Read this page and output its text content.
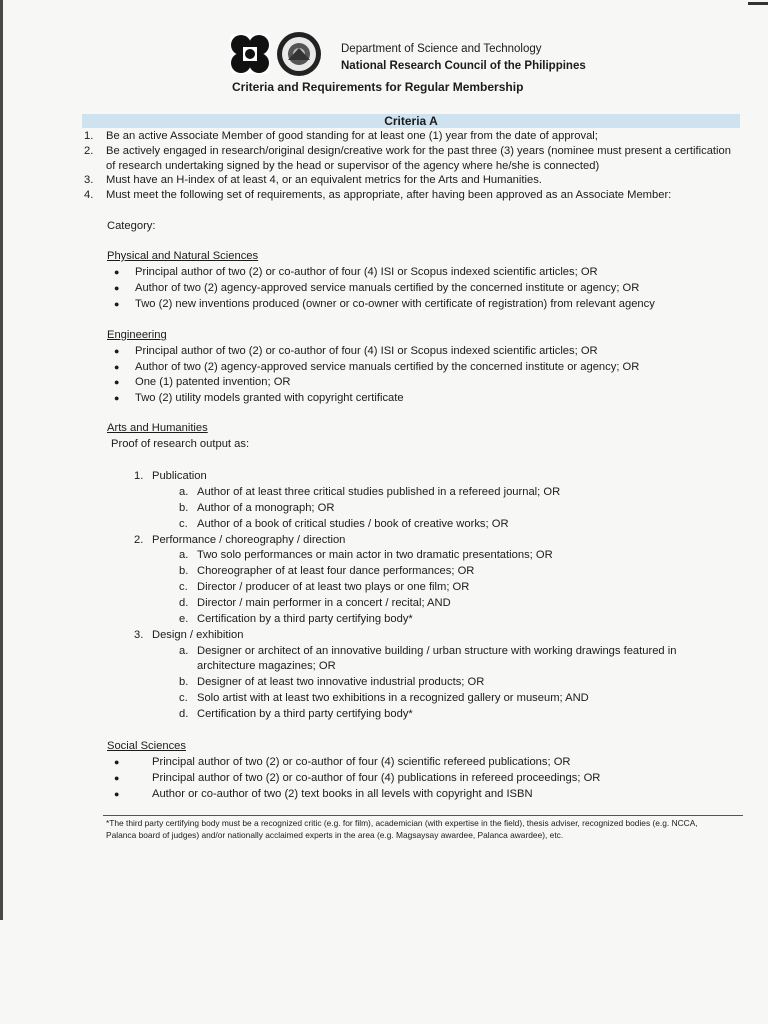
Department of Science and Technology
National Research Council of the Philippines
Criteria and Requirements for Regular Membership
Criteria A
1. Be an active Associate Member of good standing for at least one (1) year from the date of approval;
2. Be actively engaged in research/original design/creative work for the past three (3) years (nominee must present a certification
of research undertaking signed by the head or supervisor of the agency where he/she is connected)
3. Must have an H-index of at least 4, or an equivalent metrics for the Arts and Humanities.
4. Must meet the following set of requirements, as appropriate, after having been approved as an Associate Member:
Category:
Physical and Natural Sciences
● Principal author of two (2) or co-author of four (4) ISI or Scopus indexed scientific articles; OR
● Author of two (2) agency-approved service manuals certified by the concerned institute or agency; OR
● Two (2) new inventions produced (owner or co-owner with certificate of registration) from relevant agency
Engineering
● Principal author of two (2) or co-author of four (4) ISI or Scopus indexed scientific articles; OR
● Author of two (2) agency-approved service manuals certified by the concerned institute or agency; OR
● One (1) patented invention; OR
● Two (2) utility models granted with copyright certificate
Arts and Humanities
Proof of research output as:
1. Publication
a. Author of at least three critical studies published in a refereed journal; OR
b. Author of a monograph; OR
c. Author of a book of critical studies / book of creative works; OR
2. Performance / choreography / direction
a. Two solo performances or main actor in two dramatic presentations; OR
b. Choreographer of at least four dance performances; OR
c. Director / producer of at least two plays or one film; OR
d. Director / main performer in a concert / recital; AND
e. Certification by a third party certifying body*
3. Design / exhibition
a. Designer or architect of an innovative building / urban structure with working drawings featured in
architecture magazines; OR
b. Designer of at least two innovative industrial products; OR
c. Solo artist with at least two exhibitions in a recognized gallery or museum; AND
d. Certification by a third party certifying body*
Social Sciences
●	Principal author of two (2) or co-author of four (4) scientific refereed publications; OR
●	Principal author of two (2) or co-author of four (4) publications in refereed proceedings; OR
●	Author or co-author of two (2) text books in all levels with copyright and ISBN
*The third party certifying body must be a recognized critic (e.g. for film), academician (with expertise in the field), thesis adviser, recognized bodies (e.g. NCCA,
Palanca board of judges) and/or nationally acclaimed experts in the area (e.g. Magsaysay awardee, Palanca awardee), etc.
